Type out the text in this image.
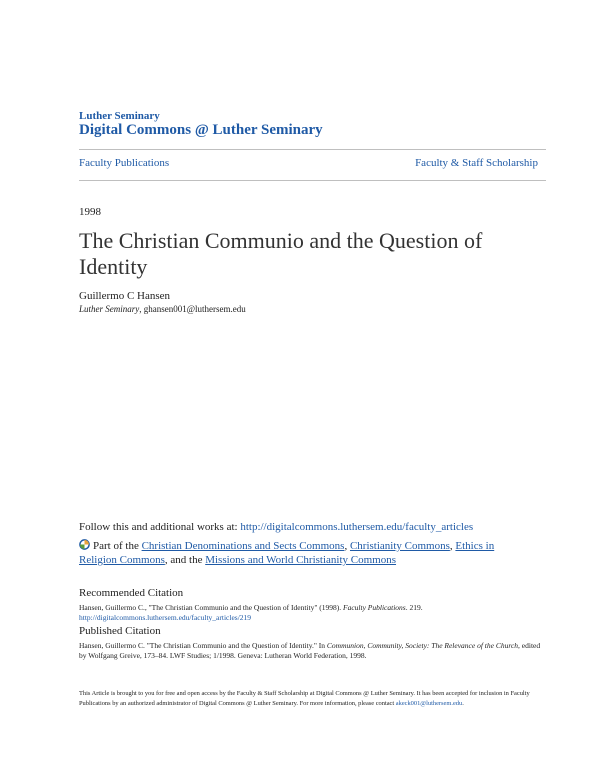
Luther Seminary
Digital Commons @ Luther Seminary
Faculty Publications	Faculty & Staff Scholarship
1998
The Christian Communio and the Question of Identity
Guillermo C Hansen
Luther Seminary, ghansen001@luthersem.edu
Follow this and additional works at: http://digitalcommons.luthersem.edu/faculty_articles
Part of the Christian Denominations and Sects Commons, Christianity Commons, Ethics in Religion Commons, and the Missions and World Christianity Commons
Recommended Citation
Hansen, Guillermo C., "The Christian Communio and the Question of Identity" (1998). Faculty Publications. 219.
http://digitalcommons.luthersem.edu/faculty_articles/219
Published Citation
Hansen, Guillermo C. "The Christian Communio and the Question of Identity." In Communion, Community, Society: The Relevance of the Church, edited by Wolfgang Greive, 173–84. LWF Studies; 1/1998. Geneva: Lutheran World Federation, 1998.
This Article is brought to you for free and open access by the Faculty & Staff Scholarship at Digital Commons @ Luther Seminary. It has been accepted for inclusion in Faculty Publications by an authorized administrator of Digital Commons @ Luther Seminary. For more information, please contact akeck001@luthersem.edu.
